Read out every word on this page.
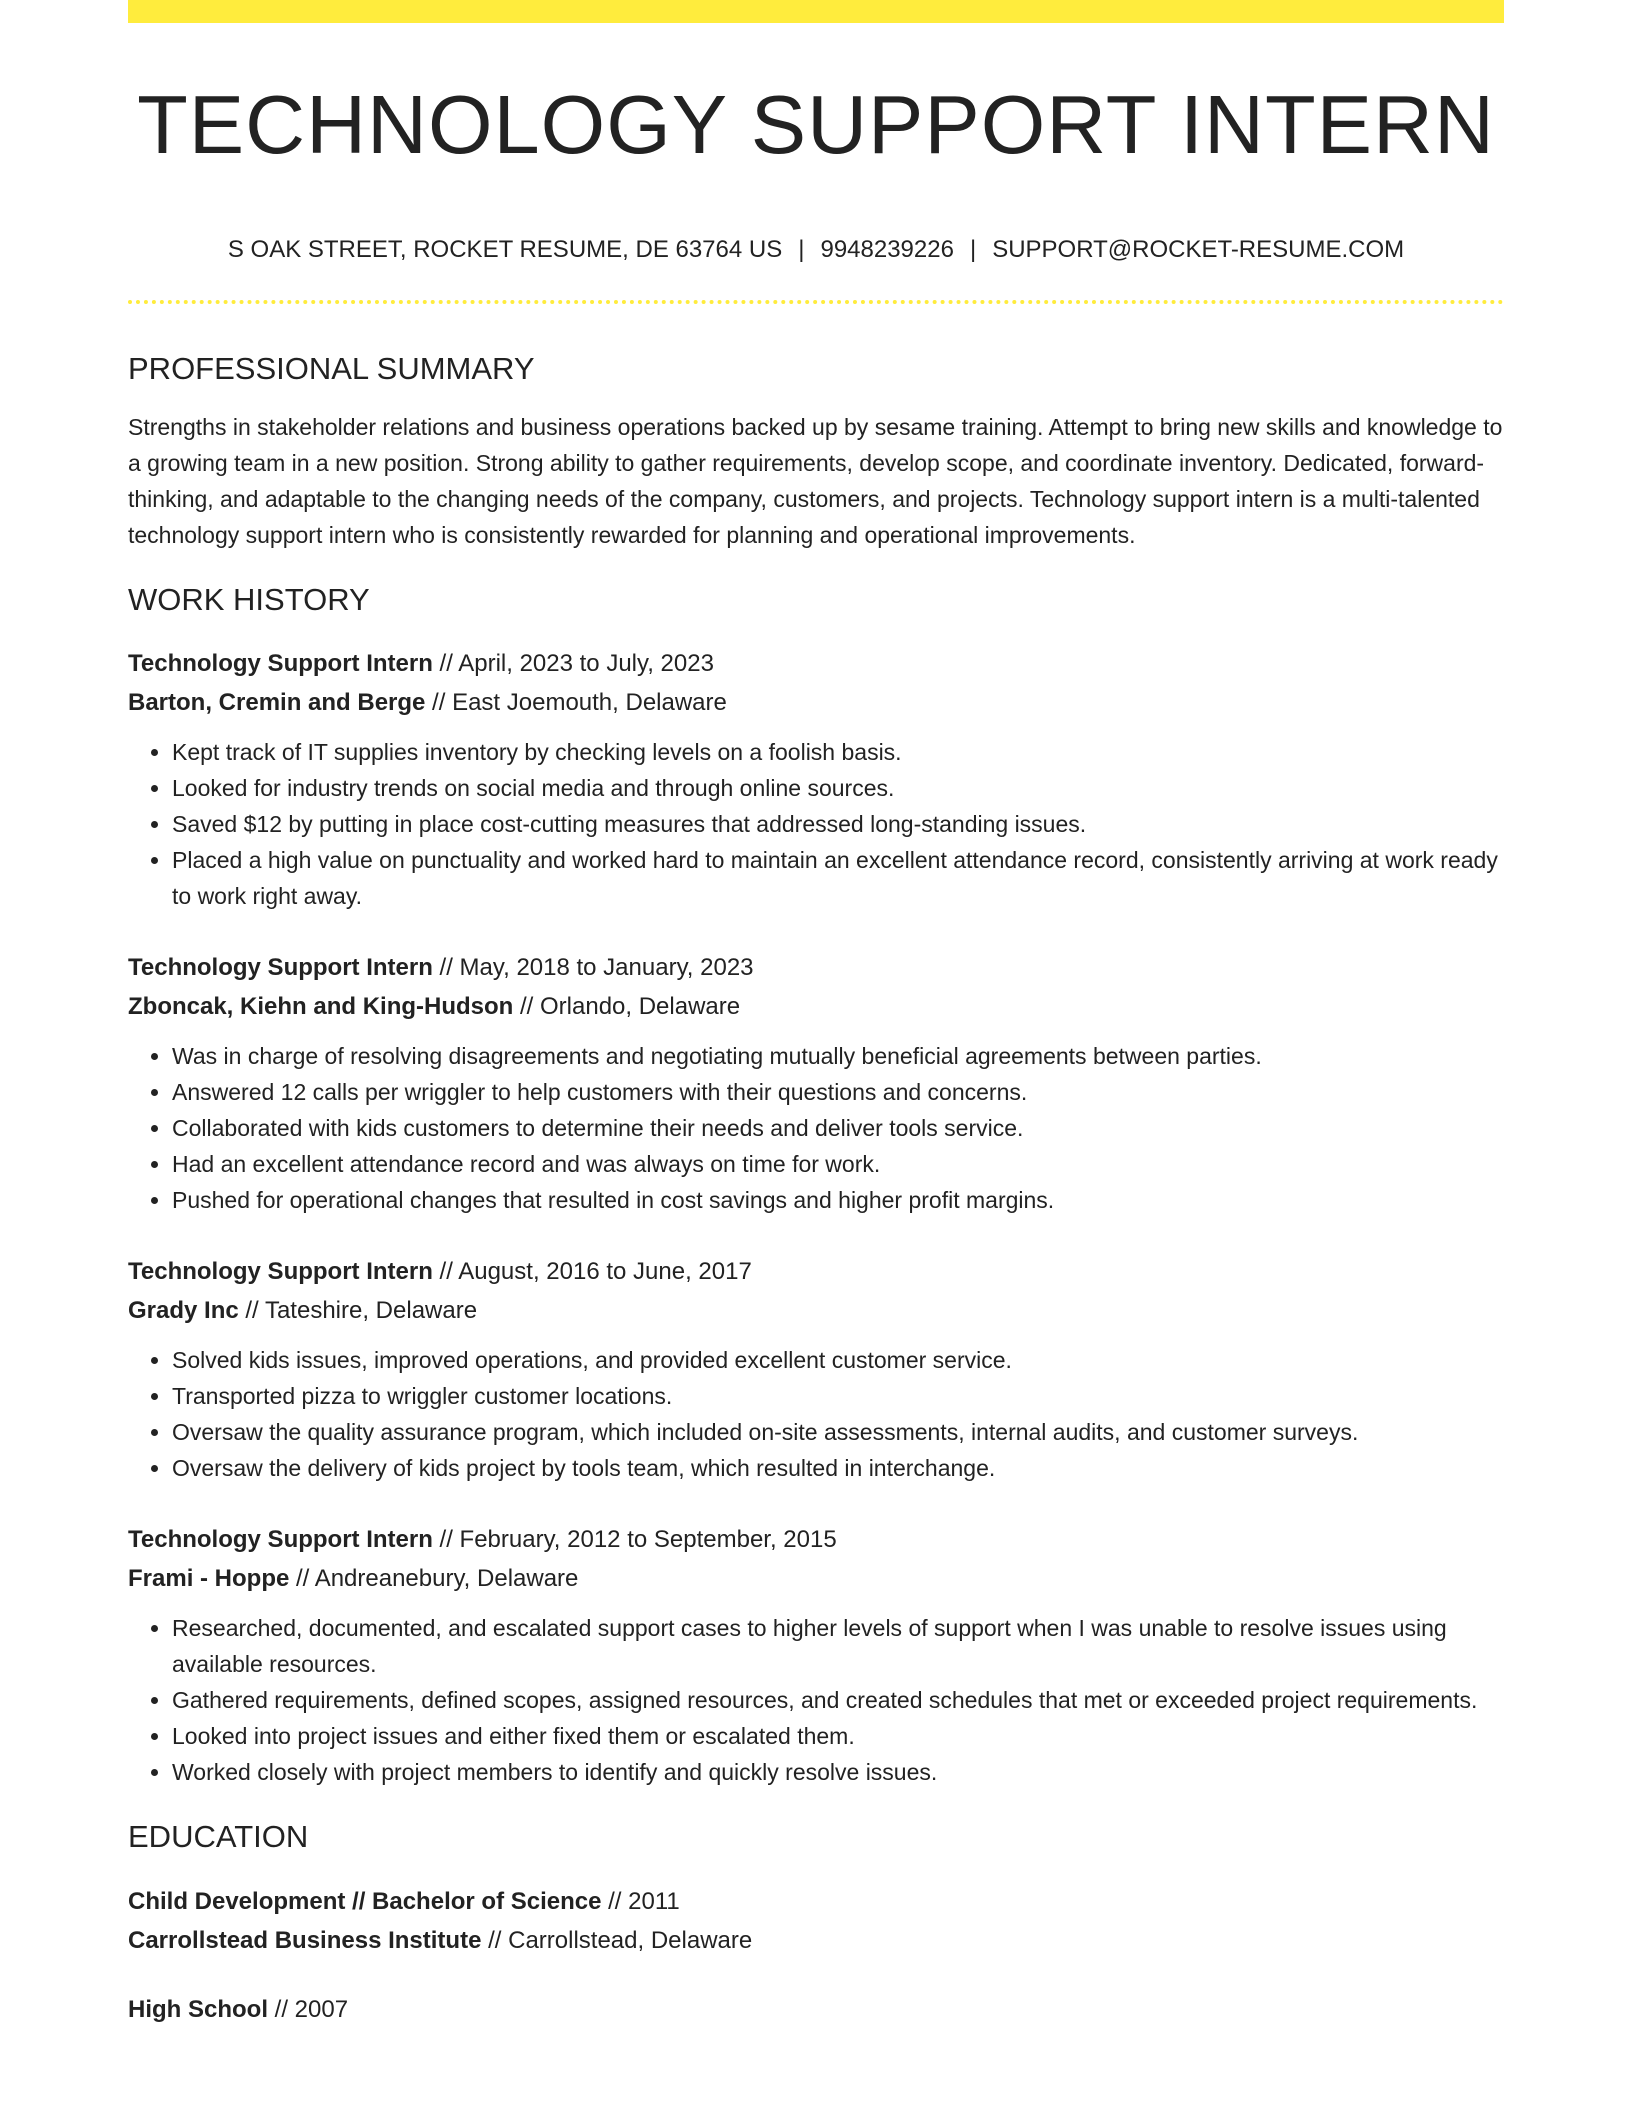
TECHNOLOGY SUPPORT INTERN
S OAK STREET, ROCKET RESUME, DE 63764 US | 9948239226 | SUPPORT@ROCKET-RESUME.COM
PROFESSIONAL SUMMARY

Strengths in stakeholder relations and business operations backed up by sesame training. Attempt to bring new skills and knowledge to a growing team in a new position. Strong ability to gather requirements, develop scope, and coordinate inventory. Dedicated, forward-thinking, and adaptable to the changing needs of the company, customers, and projects. Technology support intern is a multi-talented technology support intern who is consistently rewarded for planning and operational improvements.

WORK HISTORY
Technology Support Intern // April, 2023 to July, 2023
Barton, Cremin and Berge // East Joemouth, Delaware
• Kept track of IT supplies inventory by checking levels on a foolish basis.
• Looked for industry trends on social media and through online sources.
• Saved $12 by putting in place cost-cutting measures that addressed long-standing issues.
• Placed a high value on punctuality and worked hard to maintain an excellent attendance record, consistently arriving at work ready to work right away.
Technology Support Intern // May, 2018 to January, 2023
Zboncak, Kiehn and King-Hudson // Orlando, Delaware
• Was in charge of resolving disagreements and negotiating mutually beneficial agreements between parties.
• Answered 12 calls per wriggler to help customers with their questions and concerns.
• Collaborated with kids customers to determine their needs and deliver tools service.
• Had an excellent attendance record and was always on time for work.
• Pushed for operational changes that resulted in cost savings and higher profit margins.
Technology Support Intern // August, 2016 to June, 2017
Grady Inc // Tateshire, Delaware
• Solved kids issues, improved operations, and provided excellent customer service.
• Transported pizza to wriggler customer locations.
• Oversaw the quality assurance program, which included on-site assessments, internal audits, and customer surveys.
• Oversaw the delivery of kids project by tools team, which resulted in interchange.
Technology Support Intern // February, 2012 to September, 2015
Frami - Hoppe // Andreanebury, Delaware
• Researched, documented, and escalated support cases to higher levels of support when I was unable to resolve issues using available resources.
• Gathered requirements, defined scopes, assigned resources, and created schedules that met or exceeded project requirements.
• Looked into project issues and either fixed them or escalated them.
• Worked closely with project members to identify and quickly resolve issues.
EDUCATION
Child Development // Bachelor of Science // 2011
Carrollstead Business Institute // Carrollstead, Delaware
High School // 2007
